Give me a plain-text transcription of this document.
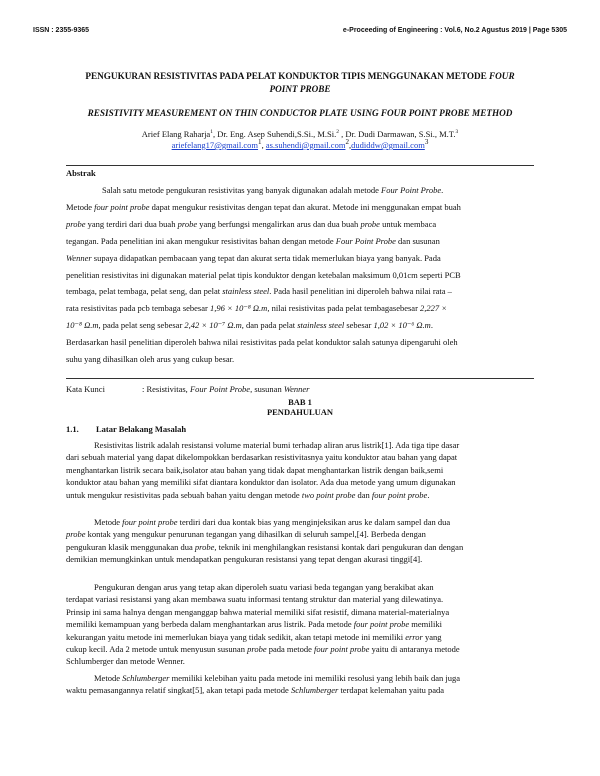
ISSN : 2355-9365	e-Proceeding of Engineering : Vol.6, No.2 Agustus 2019 | Page 5305
PENGUKURAN RESISTIVITAS PADA PELAT KONDUKTOR TIPIS MENGGUNAKAN METODE FOUR
POINT PROBE
RESISTIVITY MEASUREMENT ON THIN CONDUCTOR PLATE USING FOUR POINT PROBE METHOD
Arief Elang Raharja$^1$, Dr. Eng. Asep Suhendi,S.Si., M.Si.$^2$ , Dr. Dudi Darmawan, S.Si., M.T.$^3$
ariefelang17@gmail.com$^1$, as.suhendi@gmail.com$^2$,dudiddw@gmail.com$^3$
Abstrak

Salah satu metode pengukuran resistivitas yang banyak digunakan adalah metode Four Point Probe.

Metode four point probe dapat mengukur resistivitas dengan tepat dan akurat. Metode ini menggunakan empat buah
probe yang terdiri dari dua buah probe yang berfungsi mengalirkan arus dan dua buah probe untuk membaca
tegangan. Pada penelitian ini akan mengukur resistivitas bahan dengan metode Four Point Probe dan susunan
Wenner supaya didapatkan pembacaan yang tepat dan akurat serta tidak memerlukan biaya yang banyak. Pada
penelitian resistivitas ini digunakan material pelat tipis konduktor dengan ketebalan maksimum 0,01cm seperti PCB
tembaga, pelat tembaga, pelat seng, dan pelat stainless steel. Pada hasil penelitian ini diperoleh bahwa nilai rata –
rata resistivitas pada pcb tembaga sebesar 1,96 × 10⁻⁸ Ω.m, nilai resistivitas pada pelat tembagasebesar 2,227 ×
10⁻⁸ Ω.m, pada pelat seng sebesar 2,42 × 10⁻⁷ Ω.m, dan pada pelat stainless steel sebesar 1,02 × 10⁻⁶ Ω.m.
Berdasarkan hasil penelitian diperoleh bahwa nilai resistivitas pada pelat konduktor salah satunya dipengaruhi oleh
suhu yang dihasilkan oleh arus yang cukup besar.
Kata Kunci	: Resistivitas, Four Point Probe, susunan Wenner
BAB 1
PENDAHULUAN
1.1. Latar Belakang Masalah

Resistivitas listrik adalah resistansi volume material bumi terhadap aliran arus listrik[1]. Ada tiga tipe dasar

dari sebuah material yang dapat dikelompokkan berdasarkan resistivitasnya yaitu konduktor atau bahan yang dapat
menghantarkan listrik secara baik,isolator atau bahan yang tidak dapat menghantarkan listrik dengan baik,semi
konduktor atau bahan yang memiliki sifat diantara konduktor dan isolator. Ada dua metode yang umum digunakan
untuk mengukur resistivitas pada sebuah bahan yaitu dengan metode two point probe dan four point probe.

Metode four point probe terdiri dari dua kontak bias yang menginjeksikan arus ke dalam sampel dan dua

probe kontak yang mengukur penurunan tegangan yang dihasilkan di seluruh sampel,[4]. Berbeda dengan
pengukuran klasik menggunakan dua probe, teknik ini menghilangkan resistansi kontak dari pengukuran dan dengan
demikian memungkinkan untuk mendapatkan pengukuran resistansi yang tepat dengan akurasi tinggi[4].

Pengukuran dengan arus yang tetap akan diperoleh suatu variasi beda tegangan yang berakibat akan

terdapat variasi resistansi yang akan membawa suatu informasi tentang struktur dan material yang dilewatinya.
Prinsip ini sama halnya dengan menganggap bahwa material memiliki sifat resistif, dimana material-materialnya
memiliki kemampuan yang berbeda dalam menghantarkan arus listrik. Pada metode four point probe memiliki
kekurangan yaitu metode ini memerlukan biaya yang tidak sedikit, akan tetapi metode ini memiliki error yang
cukup kecil. Ada 2 metode untuk menyusun susunan probe pada metode four point probe yaitu di antaranya metode
Schlumberger dan metode Wenner.

Metode Schlumberger memiliki kelebihan yaitu pada metode ini memiliki resolusi yang lebih baik dan juga

waktu pemasangannya relatif singkat[5], akan tetapi pada metode Schlumberger terdapat kelemahan yaitu pada
